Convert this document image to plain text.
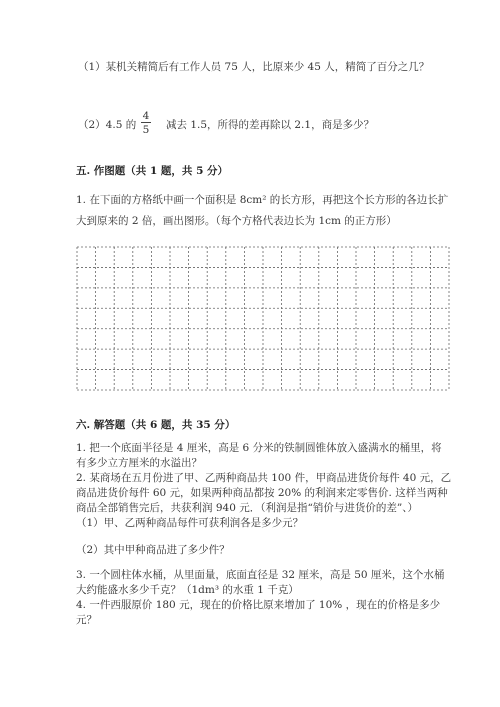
（1）某机关精简后有工作人员 75 人，比原来少 45 人，精简了百分之几？
（2）4.5 的
4
5 减去 1.5，所得的差再除以 2.1，商是多少？
五. 作图题（共 1 题，共 5 分）
1. 在下面的方格纸中画一个面积是 8cm² 的长方形，再把这个长方形的各边长扩
大到原来的 2 倍，画出图形。（每个方格代表边长为 1cm 的正方形）
六. 解答题（共 6 题，共 35 分）
1. 把一个底面半径是 4 厘米，高是 6 分米的铁制圆锥体放入盛满水的桶里，将
有多少立方厘米的水溢出？
2. 某商场在五月份进了甲、乙两种商品共 100 件，甲商品进货价每件 40 元，乙
商品进货价每件 60 元，如果两种商品都按 20% 的利润来定零售价. 这样当两种
商品全部销售完后，共获利润 940 元．（利润是指“销价与进货价的差”、）
（1）甲、乙两种商品每件可获利润各是多少元？
（2）其中甲种商品进了多少件？
3. 一个圆柱体水桶，从里面量，底面直径是 32 厘米，高是 50 厘米，这个水桶
大约能盛水多少千克？（1dm³ 的水重 1 千克）
4. 一件西服原价 180 元，现在的价格比原来增加了 10% ，现在的价格是多少
元？
